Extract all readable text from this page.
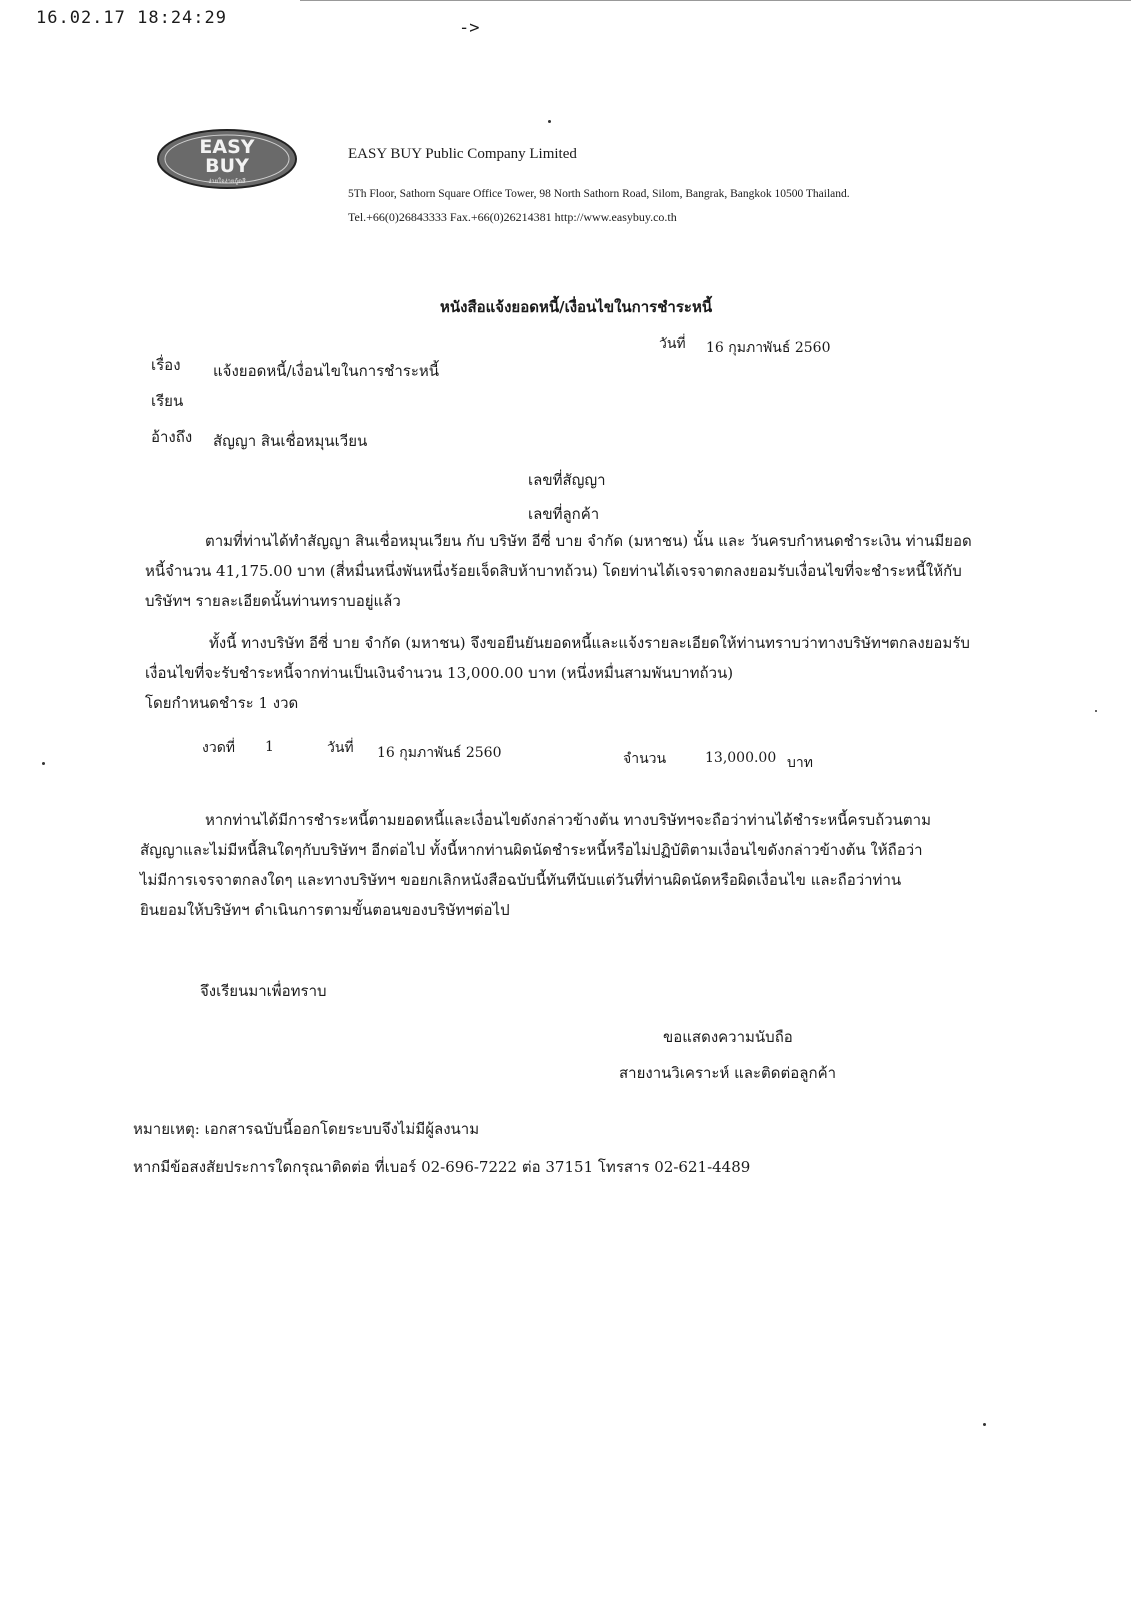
16.02.17 18:24:29	->
EASY
BUY
ง่ายใจง่ายกู้ดสี
EASY BUY Public Company Limited
5Th Floor, Sathorn Square Office Tower, 98 North Sathorn Road, Silom, Bangrak, Bangkok 10500 Thailand.
Tel.+66(0)26843333 Fax.+66(0)26214381 http://www.easybuy.co.th
หนังสือแจ้งยอดหนี้/เงื่อนไขในการชำระหนี้
วันที่ 16 กุมภาพันธ์ 2560
เรื่อง แจ้งยอดหนี้/เงื่อนไขในการชำระหนี้
เรียน
อ้างถึง สัญญา สินเชื่อหมุนเวียน
เลขที่สัญญา
เลขที่ลูกค้า
ตามที่ท่านได้ทำสัญญา สินเชื่อหมุนเวียน กับ บริษัท อีซี่ บาย จำกัด (มหาชน) นั้น และ วันครบกำหนดชำระเงิน ท่านมียอด
หนี้จำนวน 41,175.00 บาท (สี่หมื่นหนึ่งพันหนึ่งร้อยเจ็ดสิบห้าบาทถ้วน) โดยท่านได้เจรจาตกลงยอมรับเงื่อนไขที่จะชำระหนี้ให้กับ
บริษัทฯ รายละเอียดนั้นท่านทราบอยู่แล้ว
ทั้งนี้ ทางบริษัท อีซี่ บาย จำกัด (มหาชน) จึงขอยืนยันยอดหนี้และแจ้งรายละเอียดให้ท่านทราบว่าทางบริษัทฯตกลงยอมรับ
เงื่อนไขที่จะรับชำระหนี้จากท่านเป็นเงินจำนวน 13,000.00 บาท (หนึ่งหมื่นสามพันบาทถ้วน)
โดยกำหนดชำระ 1 งวด
งวดที่ 1	วันที่ 16 กุมภาพันธ์ 2560	จำนวน	13,000.00 บาท
หากท่านได้มีการชำระหนี้ตามยอดหนี้และเงื่อนไขดังกล่าวข้างต้น ทางบริษัทฯจะถือว่าท่านได้ชำระหนี้ครบถ้วนตาม
สัญญาและไม่มีหนี้สินใดๆกับบริษัทฯ อีกต่อไป ทั้งนี้หากท่านผิดนัดชำระหนี้หรือไม่ปฏิบัติตามเงื่อนไขดังกล่าวข้างต้น ให้ถือว่า
ไม่มีการเจรจาตกลงใดๆ และทางบริษัทฯ ขอยกเลิกหนังสือฉบับนี้ทันทีนับแต่วันที่ท่านผิดนัดหรือผิดเงื่อนไข และถือว่าท่าน
ยินยอมให้บริษัทฯ ดำเนินการตามขั้นตอนของบริษัทฯต่อไป
จึงเรียนมาเพื่อทราบ
ขอแสดงความนับถือ
สายงานวิเคราะห์ และติดต่อลูกค้า
หมายเหตุ: เอกสารฉบับนี้ออกโดยระบบจึงไม่มีผู้ลงนาม
หากมีข้อสงสัยประการใดกรุณาติดต่อ ที่เบอร์ 02-696-7222 ต่อ 37151 โทรสาร 02-621-4489
